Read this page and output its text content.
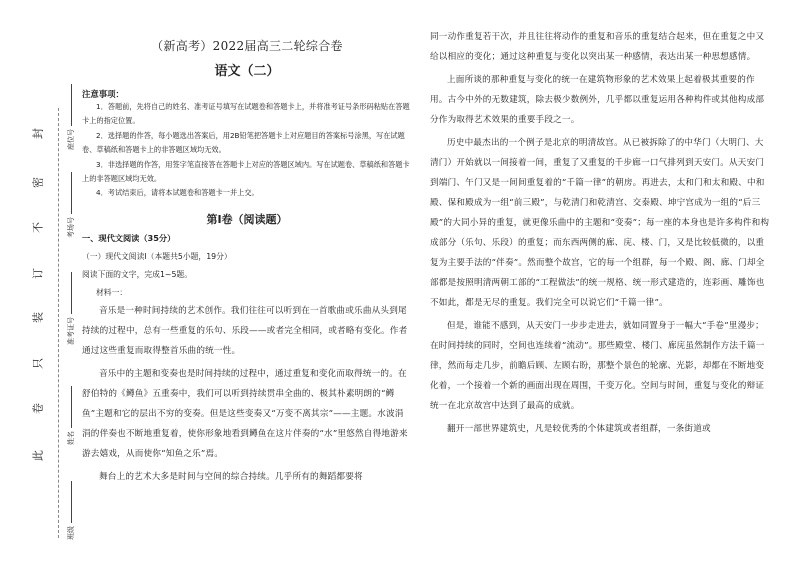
封
密
不
订
装
只
卷
此
座位号
考场号
准考证号
姓名
班级
（新高考）2022届高三二轮综合卷
语文（二）
注意事项：

1．答题前，先将自己的姓名、准考证号填写在试题卷和答题卡上，并将准考证号条形码粘贴在答题卡上的指定位置。

2．选择题的作答，每小题选出答案后，用2B铅笔把答题卡上对应题目的答案标号涂黑，写在试题卷、草稿纸和答题卡上的非答题区域均无效。

3．非选择题的作答，用签字笔直接答在答题卡上对应的答题区域内。写在试题卷、草稿纸和答题卡上的非答题区域均无效。

4．考试结束后，请将本试题卷和答题卡一并上交。

第Ⅰ卷（阅读题）
一、现代文阅读（35分）
（一）现代文阅读Ⅰ（本题共5小题，19分）
阅读下面的文字，完成1~5题。
材料一：

音乐是一种时间持续的艺术创作。我们往往可以听到在一首歌曲或乐曲从头到尾持续的过程中，总有一些重复的乐句、乐段——或者完全相同，或者略有变化。作者通过这些重复而取得整首乐曲的统一性。

音乐中的主题和变奏也是时间持续的过程中，通过重复和变化而取得统一的。在舒伯特的《鳟鱼》五重奏中，我们可以听到持续贯串全曲的、极其朴素明朗的“鳟鱼”主题和它的层出不穷的变奏。但是这些变奏又“万变不离其宗”——主题。水波涓涓的伴奏也不断地重复着，使你形象地看到鳟鱼在这片伴奏的“水”里悠然自得地游来游去嬉戏，从而使你“知鱼之乐”焉。

舞台上的艺术大多是时间与空间的综合持续。几乎所有的舞蹈都要将

同一动作重复若干次，并且往往将动作的重复和音乐的重复结合起来，但在重复之中又给以相应的变化；通过这种重复与变化以突出某一种感情，表达出某一种思想感情。

上面所谈的那种重复与变化的统一在建筑物形象的艺术效果上起着极其重要的作用。古今中外的无数建筑，除去极少数例外，几乎都以重复运用各种构件或其他构成部分作为取得艺术效果的重要手段之一。

历史中最杰出的一个例子是北京的明清故宫。从已被拆除了的中华门（大明门、大清门）开始就以一间接着一间，重复了又重复的千步廊一口气排列到天安门。从天安门到端门、午门又是一间间重复着的“千篇一律”的朝房。再进去，太和门和太和殿、中和殿、保和殿成为一组“前三殿”，与乾清门和乾清宫、交泰殿、坤宁宫成为一组的“后三殿”的大同小异的重复，就更像乐曲中的主题和“变奏”；每一座的本身也是许多构件和构成部分（乐句、乐段）的重复；而东西两侧的廊、庑、楼、门，又是比较低微的，以重复为主要手法的“伴奏”。然而整个故宫，它的每一个组群，每一个殿、阁、廊、门却全部都是按照明清两朝工部的“工程做法”的统一规格、统一形式建造的，连彩画、雕饰也不如此，都是无尽的重复。我们完全可以说它们“千篇一律”。

但是，谁能不感到，从天安门一步步走进去，就如同置身于一幅大“手卷”里漫步；在时间持续的同时，空间也连续着“流动”。那些殿堂、楼门、廊庑虽然制作方法千篇一律，然而每走几步，前瞻后顾、左顾右盼，那整个景色的轮廓、光影，却都在不断地变化着，一个接着一个新的画面出现在周围，千变万化。空间与时间，重复与变化的辩证统一在北京故宫中达到了最高的成就。

翻开一部世界建筑史，凡是较优秀的个体建筑或者组群，一条街道或
